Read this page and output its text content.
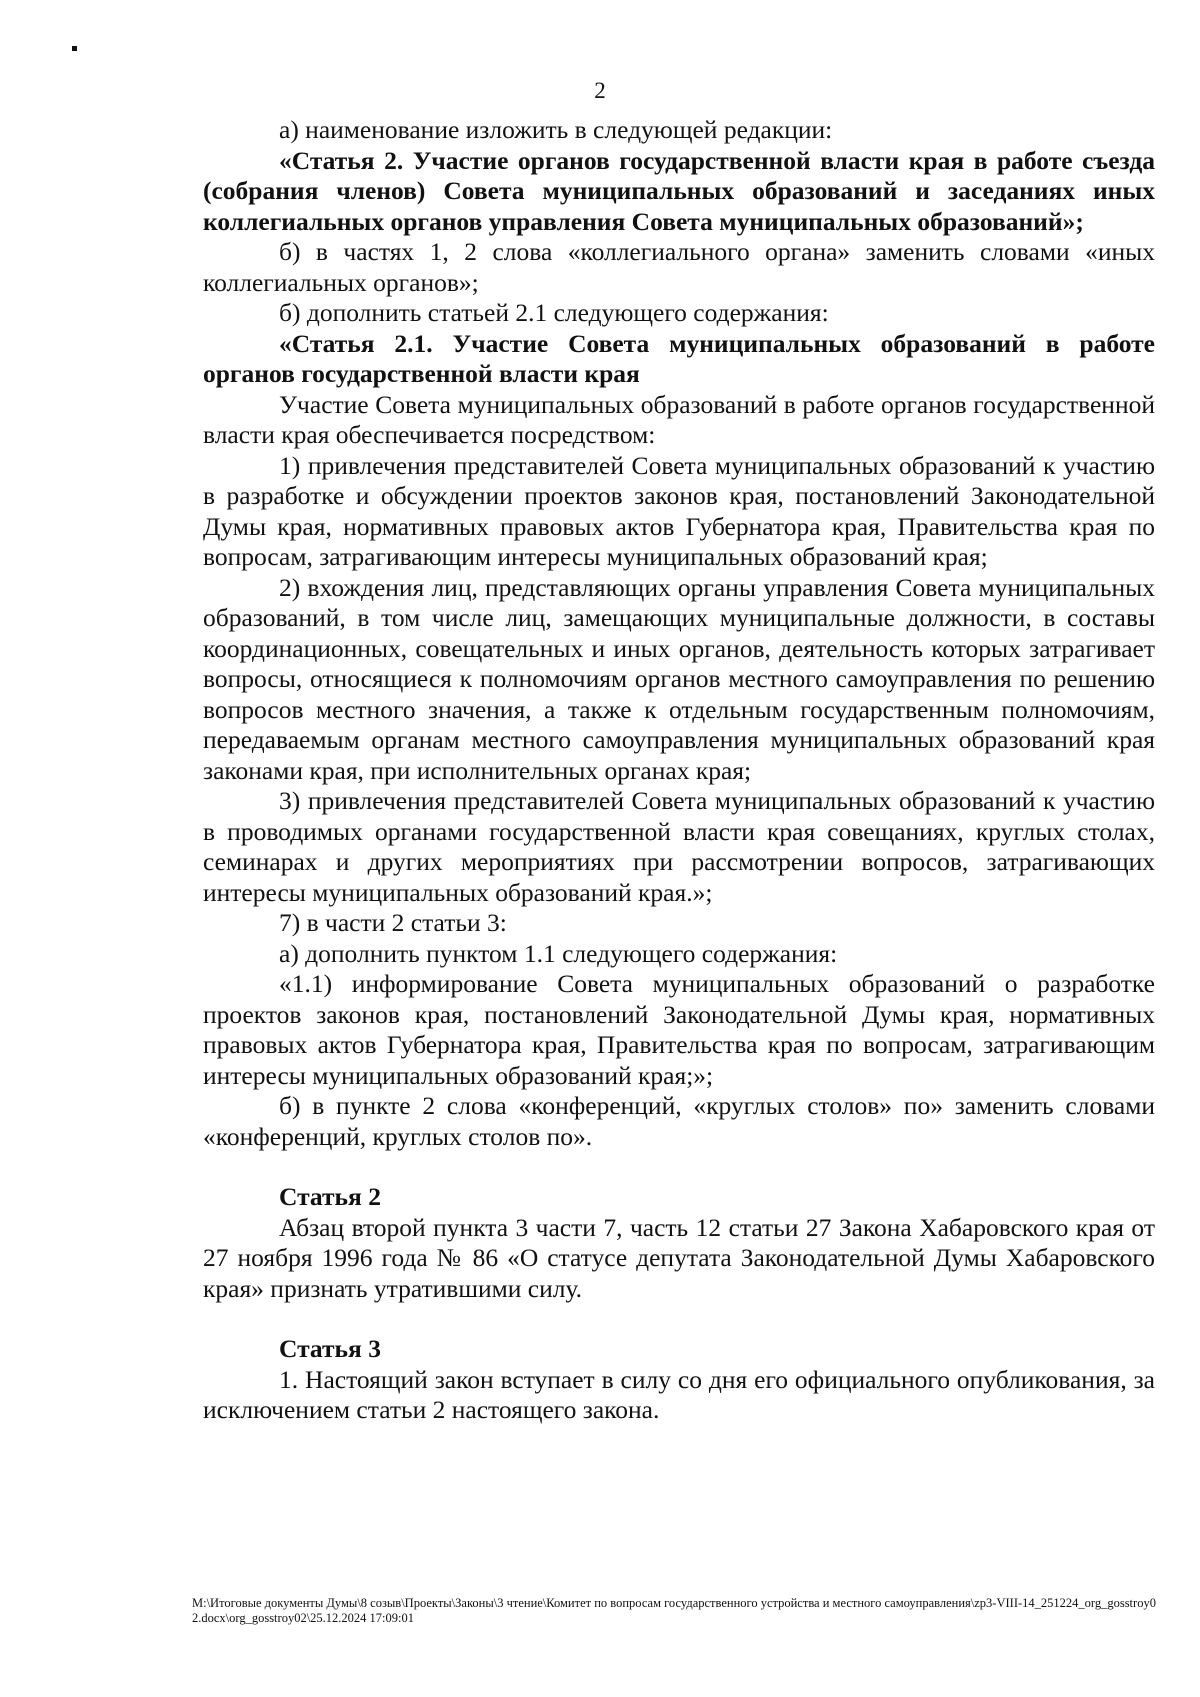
2

а) наименование изложить в следующей редакции:

«Статья 2. Участие органов государственной власти края в работе съезда (собрания членов) Совета муниципальных образований и заседаниях иных коллегиальных органов управления Совета муниципальных образований»;

б) в частях 1, 2 слова «коллегиального органа» заменить словами «иных коллегиальных органов»;

б) дополнить статьей 2.1 следующего содержания:

«Статья 2.1. Участие Совета муниципальных образований в работе органов государственной власти края

Участие Совета муниципальных образований в работе органов государственной власти края обеспечивается посредством:

1) привлечения представителей Совета муниципальных образований к участию в разработке и обсуждении проектов законов края, постановлений Законодательной Думы края, нормативных правовых актов Губернатора края, Правительства края по вопросам, затрагивающим интересы муниципальных образований края;

2) вхождения лиц, представляющих органы управления Совета муниципальных образований, в том числе лиц, замещающих муниципальные должности, в составы координационных, совещательных и иных органов, деятельность которых затрагивает вопросы, относящиеся к полномочиям органов местного самоуправления по решению вопросов местного значения, а также к отдельным государственным полномочиям, передаваемым органам местного самоуправления муниципальных образований края законами края, при исполнительных органах края;

3) привлечения представителей Совета муниципальных образований к участию в проводимых органами государственной власти края совещаниях, круглых столах, семинарах и других мероприятиях при рассмотрении вопросов, затрагивающих интересы муниципальных образований края.»;

7) в части 2 статьи 3:

а) дополнить пунктом 1.1 следующего содержания:

«1.1) информирование Совета муниципальных образований о разработке проектов законов края, постановлений Законодательной Думы края, нормативных правовых актов Губернатора края, Правительства края по вопросам, затрагивающим интересы муниципальных образований края;»;

б) в пункте 2 слова «конференций, «круглых столов» по» заменить словами «конференций, круглых столов по».

Статья 2

Абзац второй пункта 3 части 7, часть 12 статьи 27 Закона Хабаровского края от 27 ноября 1996 года № 86 «О статусе депутата Законодательной Думы Хабаровского края» признать утратившими силу.

Статья 3

1. Настоящий закон вступает в силу со дня его официального опубликования, за исключением статьи 2 настоящего закона.

M:\Итоговые документы Думы\8 созыв\Проекты\Законы\3 чтение\Комитет по вопросам государственного устройства и местного самоуправления\zp3-VIII-14_251224_org_gosstroy02.docx\org_gosstroy02\25.12.2024 17:09:01
